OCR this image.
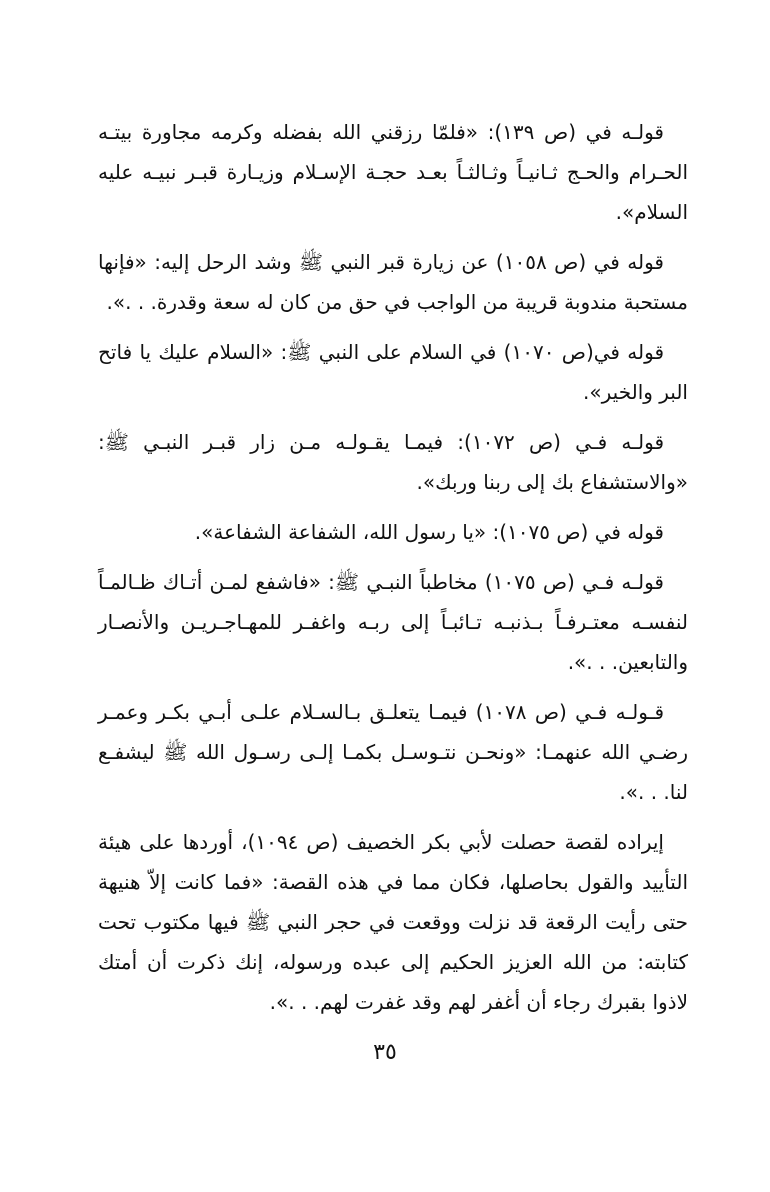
قولـه في (ص ١٣٩): «فلمّا رزقني الله بفضله وكرمه مجاورة بيتـه الحـرام والحـج ثـانيـاً وثـالثـاً بعـد حجـة الإسـلام وزيـارة قبـر نبيـه عليه السلام».

قوله في (ص ١٠٥٨) عن زيارة قبر النبي ﷺ وشد الرحل إليه: «فإنها مستحبة مندوبة قريبة من الواجب في حق من كان له سعة وقدرة. . .».

قوله في(ص ١٠٧٠) في السلام على النبي ﷺ: «السلام عليك يا فاتح البر والخير».

قولـه فـي (ص ١٠٧٢): فيمـا يقـولـه مـن زار قبـر النبـي ﷺ: «والاستشفاع بك إلى ربنا وربك».

قوله في (ص ١٠٧٥): «يا رسول الله، الشفاعة الشفاعة».

قولـه فـي (ص ١٠٧٥) مخاطباً النبـي ﷺ: «فاشفع لمـن أتـاك ظـالمـاً لنفسـه معتـرفـاً بـذنبـه تـائبـاً إلى ربـه واغفـر للمهـاجـريـن والأنصـار والتابعين. . .».

قـولـه فـي (ص ١٠٧٨) فيمـا يتعلـق بـالسـلام علـى أبـي بكـر وعمـر رضـي الله عنهمـا: «ونحـن نتـوسـل بكمـا إلـى رسـول الله ﷺ ليشفـع لنا. . .».

إيراده لقصة حصلت لأبي بكر الخصيف (ص ١٠٩٤)، أوردها على هيئة التأييد والقول بحاصلها، فكان مما في هذه القصة: «فما كانت إلاّ هنيهة حتى رأيت الرقعة قد نزلت ووقعت في حجر النبي ﷺ فيها مكتوب تحت كتابته: من الله العزيز الحكيم إلى عبده ورسوله، إنك ذكرت أن أمتك لاذوا بقبرك رجاء أن أغفر لهم وقد غفرت لهم. . .».

٣٥
